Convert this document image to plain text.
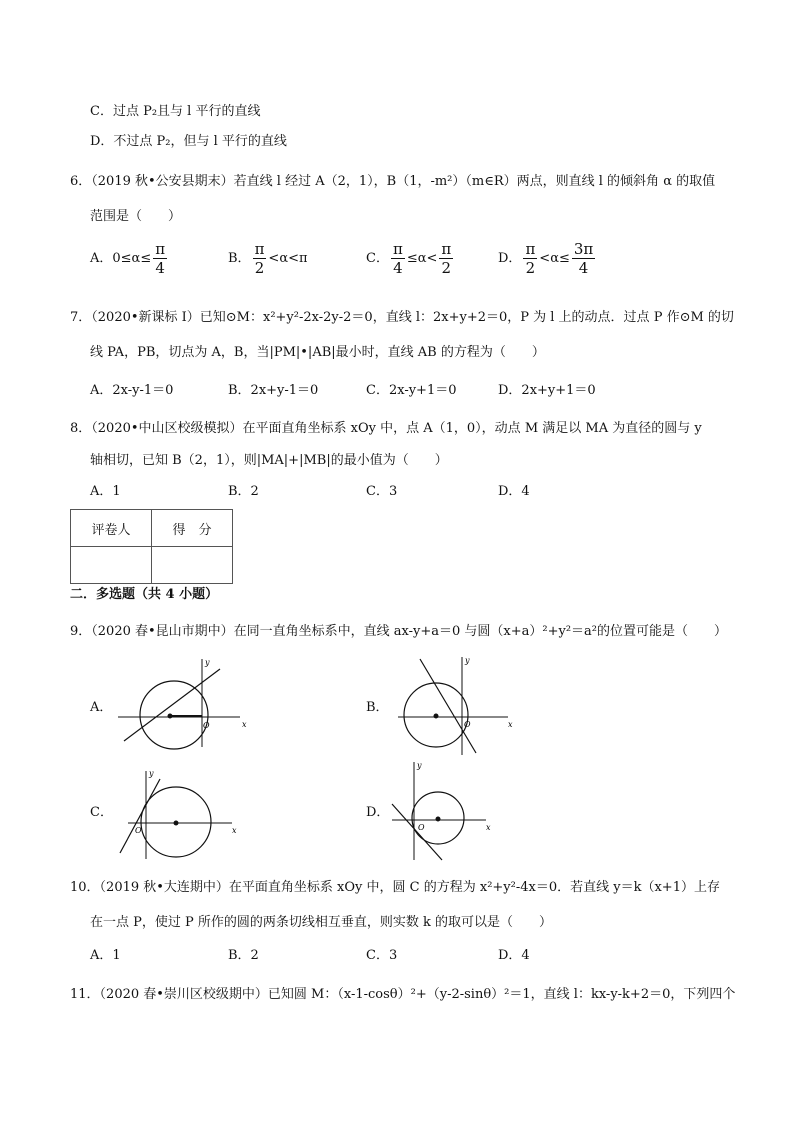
C．过点 P₂且与 l 平行的直线
D．不过点 P₂，但与 l 平行的直线
6．（2019 秋•公安县期末）若直线 l 经过 A（2，1），B（1，-m²）（m∈R）两点，则直线 l 的倾斜角 α 的取值
范围是（　　）
A．$0\le\alpha\le \frac{\pi}{4}$	B． $\frac{\pi}{2} <\alpha<\pi$	C． $\frac{\pi}{4} \le\alpha< \frac{\pi}{2}$	D． $\frac{\pi}{2} <\alpha\le \frac{3\pi}{4}$
7．（2020•新课标 I）已知⊙M：x²+y²-2x-2y-2＝0，直线 l：2x+y+2＝0，P 为 l 上的动点．过点 P 作⊙M 的切
线 PA，PB，切点为 A，B，当|PM|•|AB|最小时，直线 AB 的方程为（　　）
A．2x-y-1＝0	B．2x+y-1＝0	C．2x-y+1＝0	D．2x+y+1＝0
8．（2020•中山区校级模拟）在平面直角坐标系 xOy 中，点 A（1，0），动点 M 满足以 MA 为直径的圆与 y
轴相切，已知 B（2，1），则|MA|+|MB|的最小值为（　　）
A．1	B．2	C．3	D．4
评卷人	得　分

二．多选题（共 4 小题）
9．（2020 春•昆山市期中）在同一直角坐标系中，直线 ax-y+a＝0 与圆（x+a）²+y²＝a²的位置可能是（　　）
A．	B．
C．	D．
x
y
O	x
y
O
x
y
O	x
y
O
10．（2019 秋•大连期中）在平面直角坐标系 xOy 中，圆 C 的方程为 x²+y²-4x＝0．若直线 y＝k（x+1）上存
在一点 P，使过 P 所作的圆的两条切线相互垂直，则实数 k 的取可以是（　　）
A．1	B．2	C．3	D．4
11．（2020 春•崇川区校级期中）已知圆 M：（x-1-cosθ）²+（y-2-sinθ）²＝1，直线 l：kx-y-k+2＝0，下列四个
